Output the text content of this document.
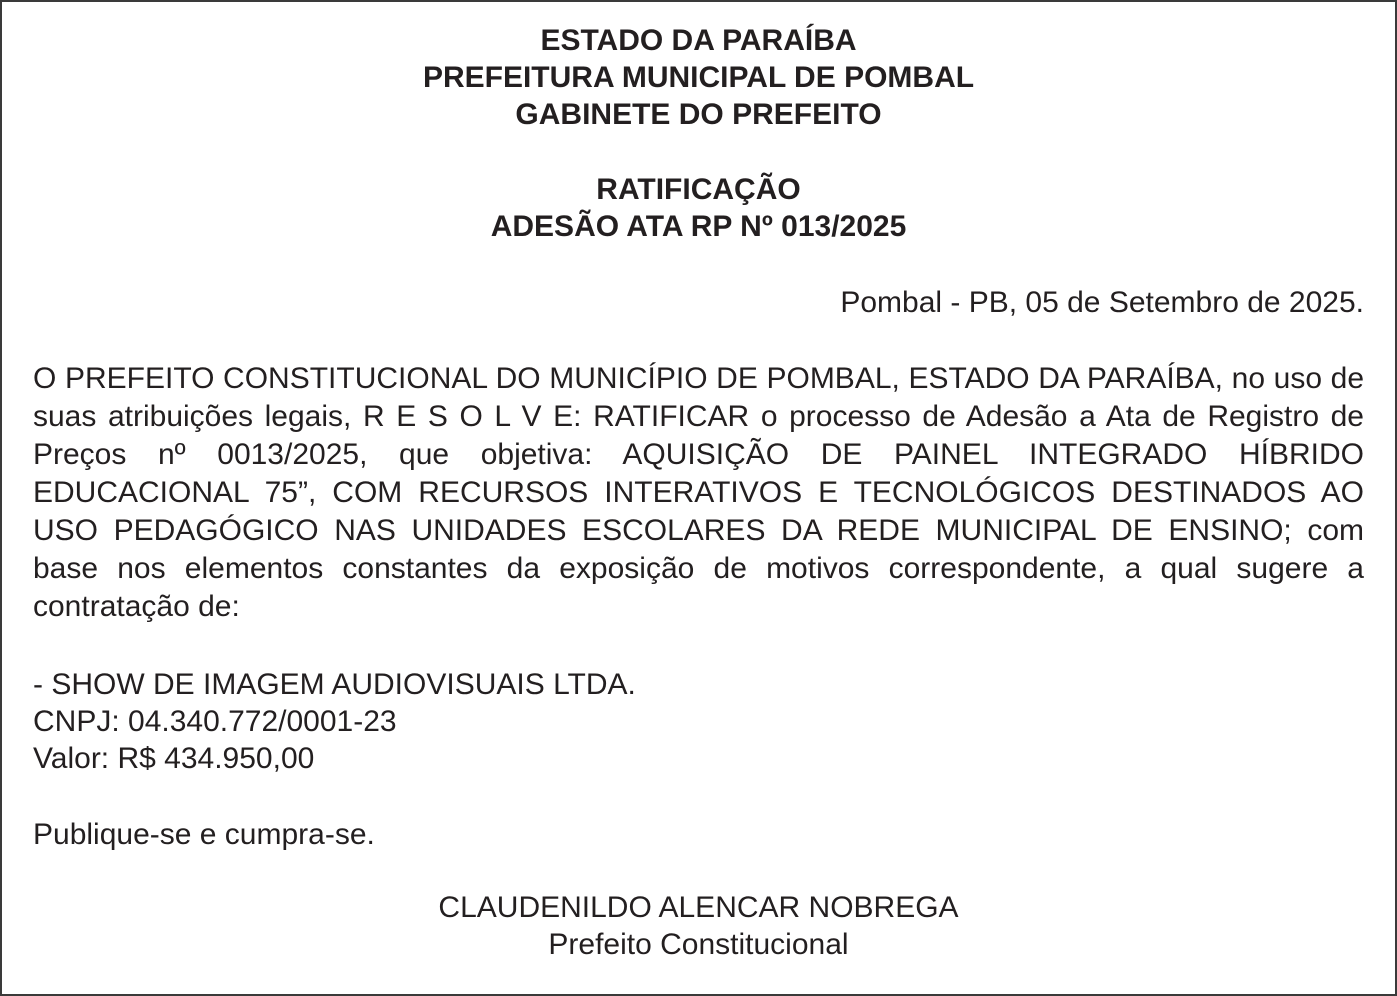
ESTADO DA PARAÍBA
PREFEITURA MUNICIPAL DE POMBAL
GABINETE DO PREFEITO
RATIFICAÇÃO
ADESÃO ATA RP Nº 013/2025
Pombal - PB, 05 de Setembro de 2025.

O PREFEITO CONSTITUCIONAL DO MUNICÍPIO DE POMBAL, ESTADO DA PARAÍBA, no uso de suas atribuições legais, R E S O L V E: RATIFICAR o processo de Adesão a Ata de Registro de Preços nº 0013/2025, que objetiva: AQUISIÇÃO DE PAINEL INTEGRADO HÍBRIDO EDUCACIONAL 75”, COM RECURSOS INTERATIVOS E TECNOLÓGICOS DESTINADOS AO USO PEDAGÓGICO NAS UNIDADES ESCOLARES DA REDE MUNICIPAL DE ENSINO; com base nos elementos constantes da exposição de motivos correspondente, a qual sugere a contratação de:

- SHOW DE IMAGEM AUDIOVISUAIS LTDA.
CNPJ: 04.340.772/0001-23
Valor: R$ 434.950,00
Publique-se e cumpra-se.
CLAUDENILDO ALENCAR NOBREGA
Prefeito Constitucional
